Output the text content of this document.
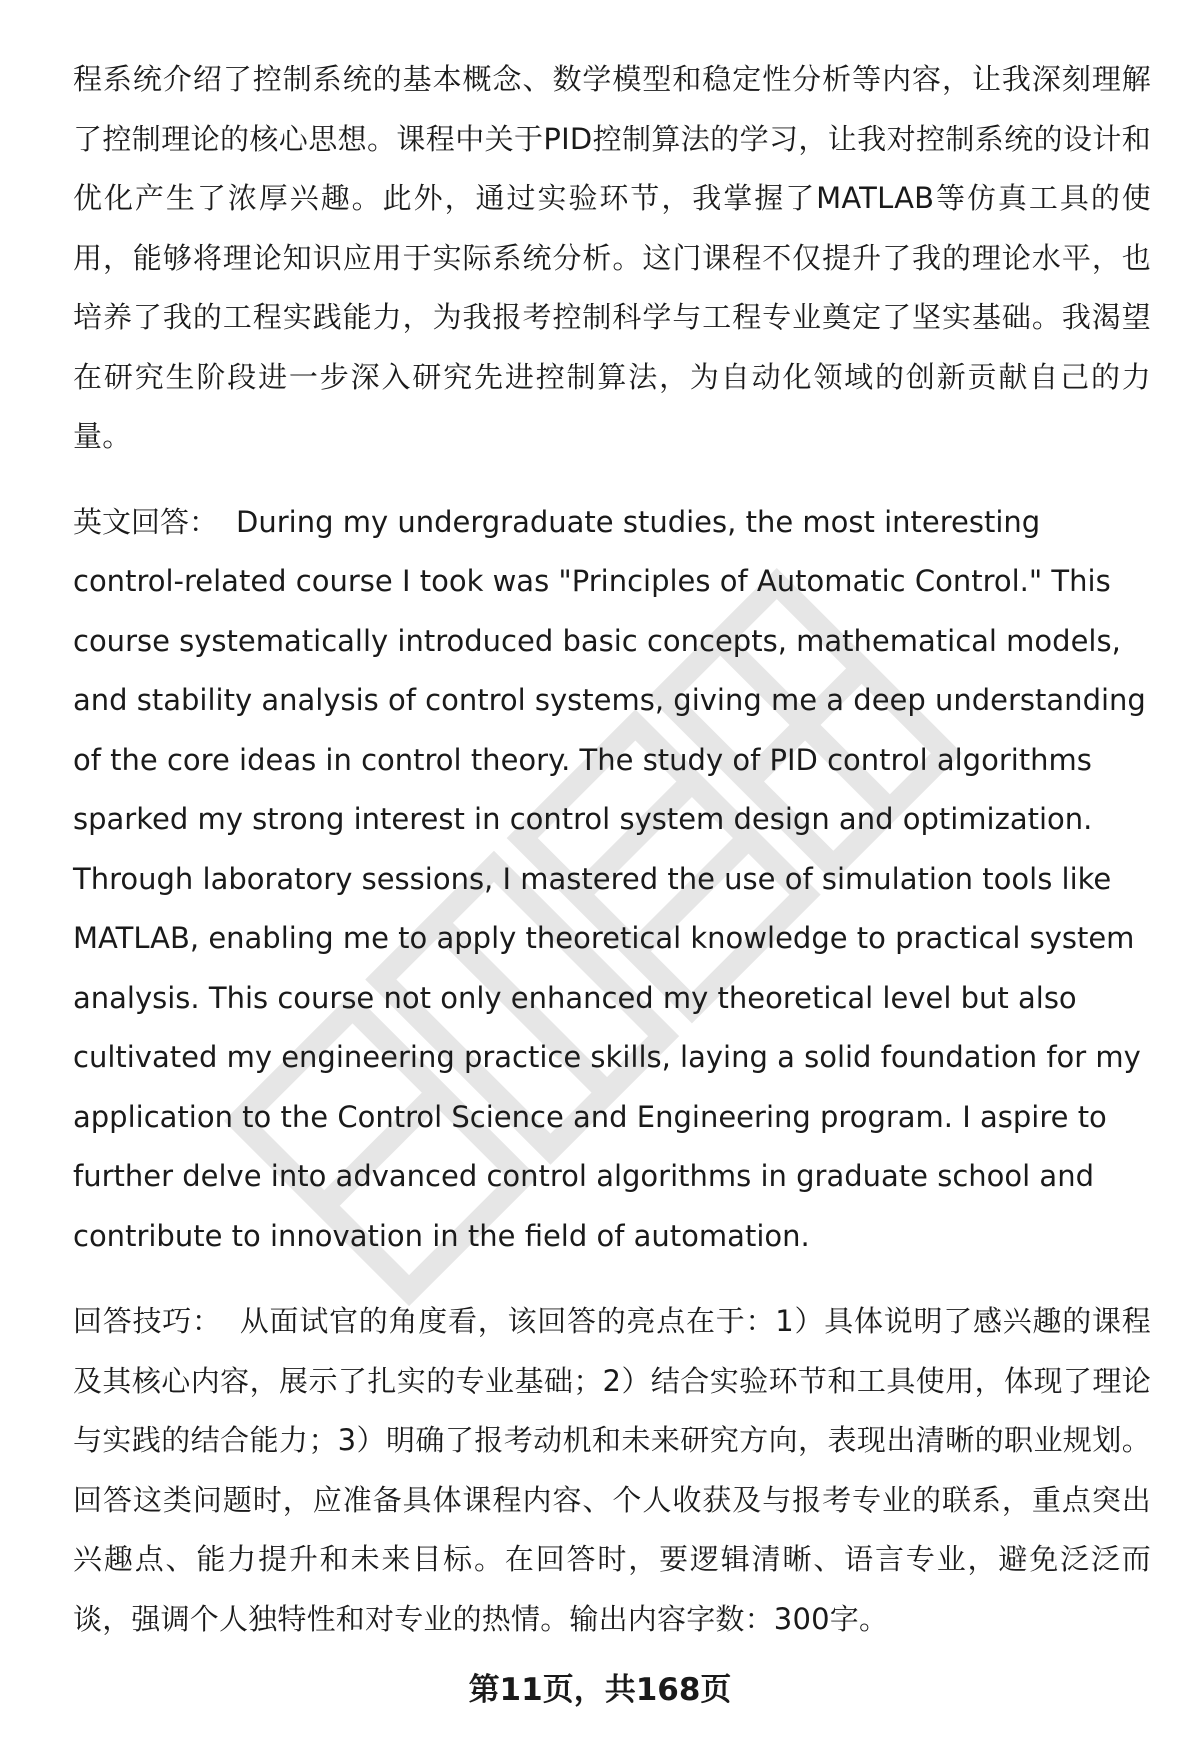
程系统介绍了控制系统的基本概念、数学模型和稳定性分析等内容，让我深刻理解了控制理论的核心思想。课程中关于PID控制算法的学习，让我对控制系统的设计和优化产生了浓厚兴趣。此外，通过实验环节，我掌握了MATLAB等仿真工具的使用，能够将理论知识应用于实际系统分析。这门课程不仅提升了我的理论水平，也培养了我的工程实践能力，为我报考控制科学与工程专业奠定了坚实基础。我渴望在研究生阶段进一步深入研究先进控制算法，为自动化领域的创新贡献自己的力量。

英文回答： During my undergraduate studies, the most interesting control-related course I took was "Principles of Automatic Control." This course systematically introduced basic concepts, mathematical models, and stability analysis of control systems, giving me a deep understanding of the core ideas in control theory. The study of PID control algorithms sparked my strong interest in control system design and optimization. Through laboratory sessions, I mastered the use of simulation tools like MATLAB, enabling me to apply theoretical knowledge to practical system analysis. This course not only enhanced my theoretical level but also cultivated my engineering practice skills, laying a solid foundation for my application to the Control Science and Engineering program. I aspire to further delve into advanced control algorithms in graduate school and contribute to innovation in the field of automation.

回答技巧： 从面试官的角度看，该回答的亮点在于：1）具体说明了感兴趣的课程及其核心内容，展示了扎实的专业基础；2）结合实验环节和工具使用，体现了理论与实践的结合能力；3）明确了报考动机和未来研究方向，表现出清晰的职业规划。回答这类问题时，应准备具体课程内容、个人收获及与报考专业的联系，重点突出兴趣点、能力提升和未来目标。在回答时，要逻辑清晰、语言专业，避免泛泛而谈，强调个人独特性和对专业的热情。输出内容字数：300字。

第11页，共168页
